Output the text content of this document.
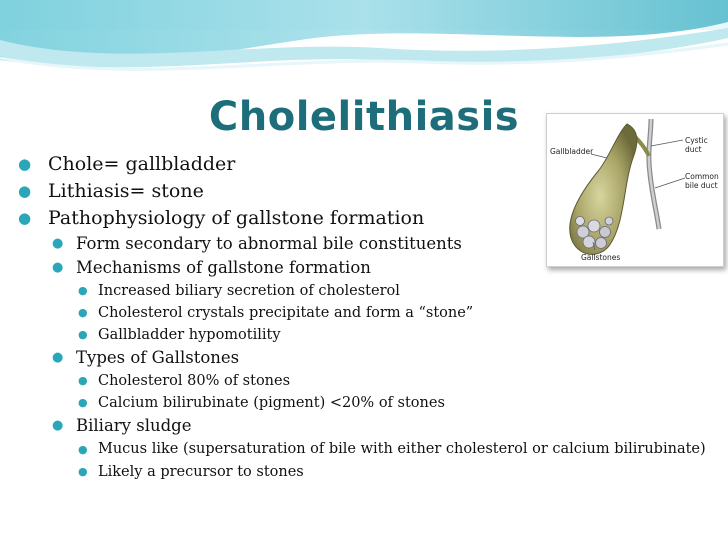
Cholelithiasis
● Chole= gallbladder
● Lithiasis= stone
● Pathophysiology of gallstone formation
● Form secondary to abnormal bile constituents
● Mechanisms of gallstone formation
● Increased biliary secretion of cholesterol
● Cholesterol crystals precipitate and form a “stone”
● Gallbladder hypomotility
● Types of Gallstones
● Cholesterol 80% of stones
● Calcium bilirubinate (pigment) <20% of stones
● Biliary sludge
● Mucus like (supersaturation of bile with either cholesterol or calcium bilirubinate)
● Likely a precursor to stones
Gallbladder
Cystic duct
Common bile duct
Gallstones
